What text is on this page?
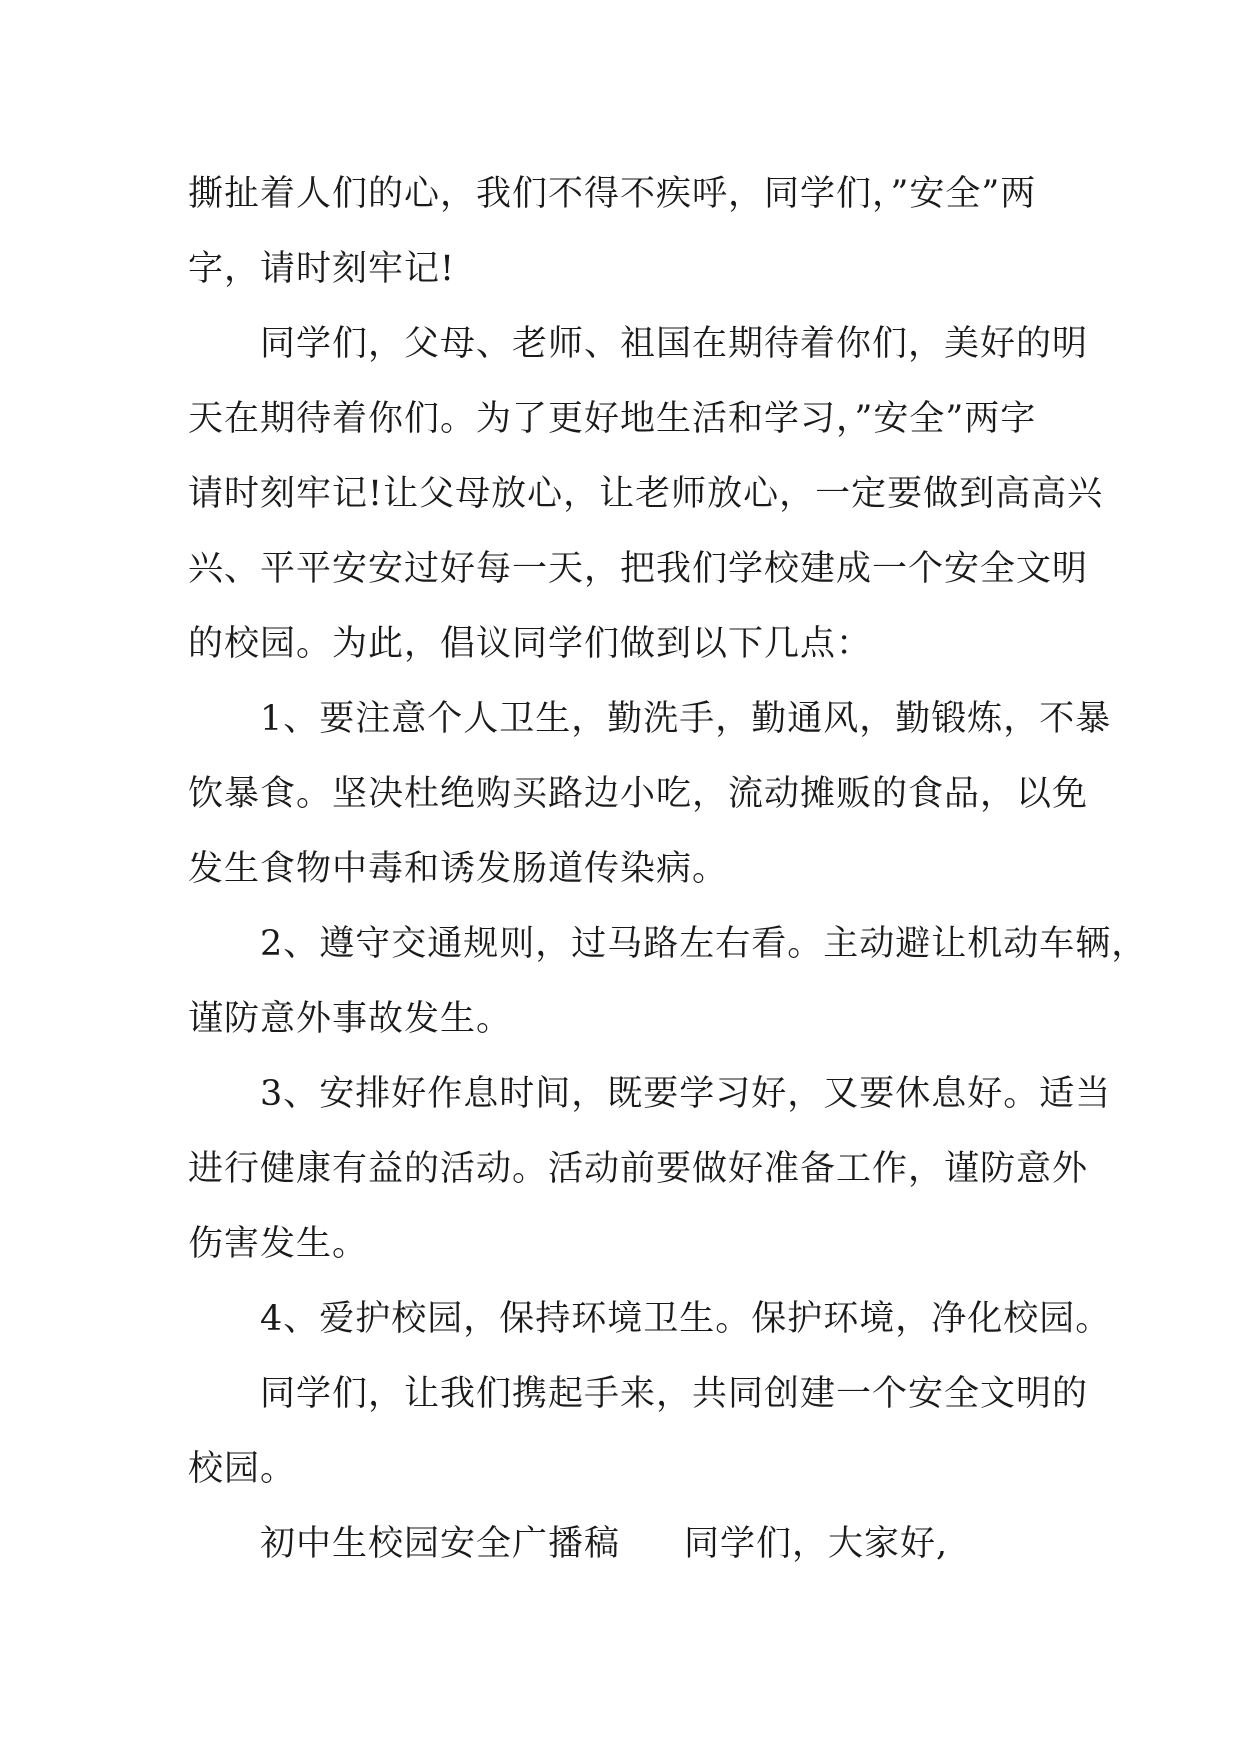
撕扯着人们的心，我们不得不疾呼，同学们，”安全”两
字，请时刻牢记!
同学们，父母、老师、祖国在期待着你们，美好的明
天在期待着你们。为了更好地生活和学习，”安全”两字
请时刻牢记!让父母放心，让老师放心，一定要做到高高兴
兴、平平安安过好每一天，把我们学校建成一个安全文明
的校园。为此，倡议同学们做到以下几点：
1、要注意个人卫生，勤洗手，勤通风，勤锻炼，不暴
饮暴食。坚决杜绝购买路边小吃，流动摊贩的食品，以免
发生食物中毒和诱发肠道传染病。
2、遵守交通规则，过马路左右看。主动避让机动车辆，
谨防意外事故发生。
3、安排好作息时间，既要学习好，又要休息好。适当
进行健康有益的活动。活动前要做好准备工作，谨防意外
伤害发生。
4、爱护校园，保持环境卫生。保护环境，净化校园。
同学们，让我们携起手来，共同创建一个安全文明的
校园。
初中生校园安全广播稿 同学们，大家好,
